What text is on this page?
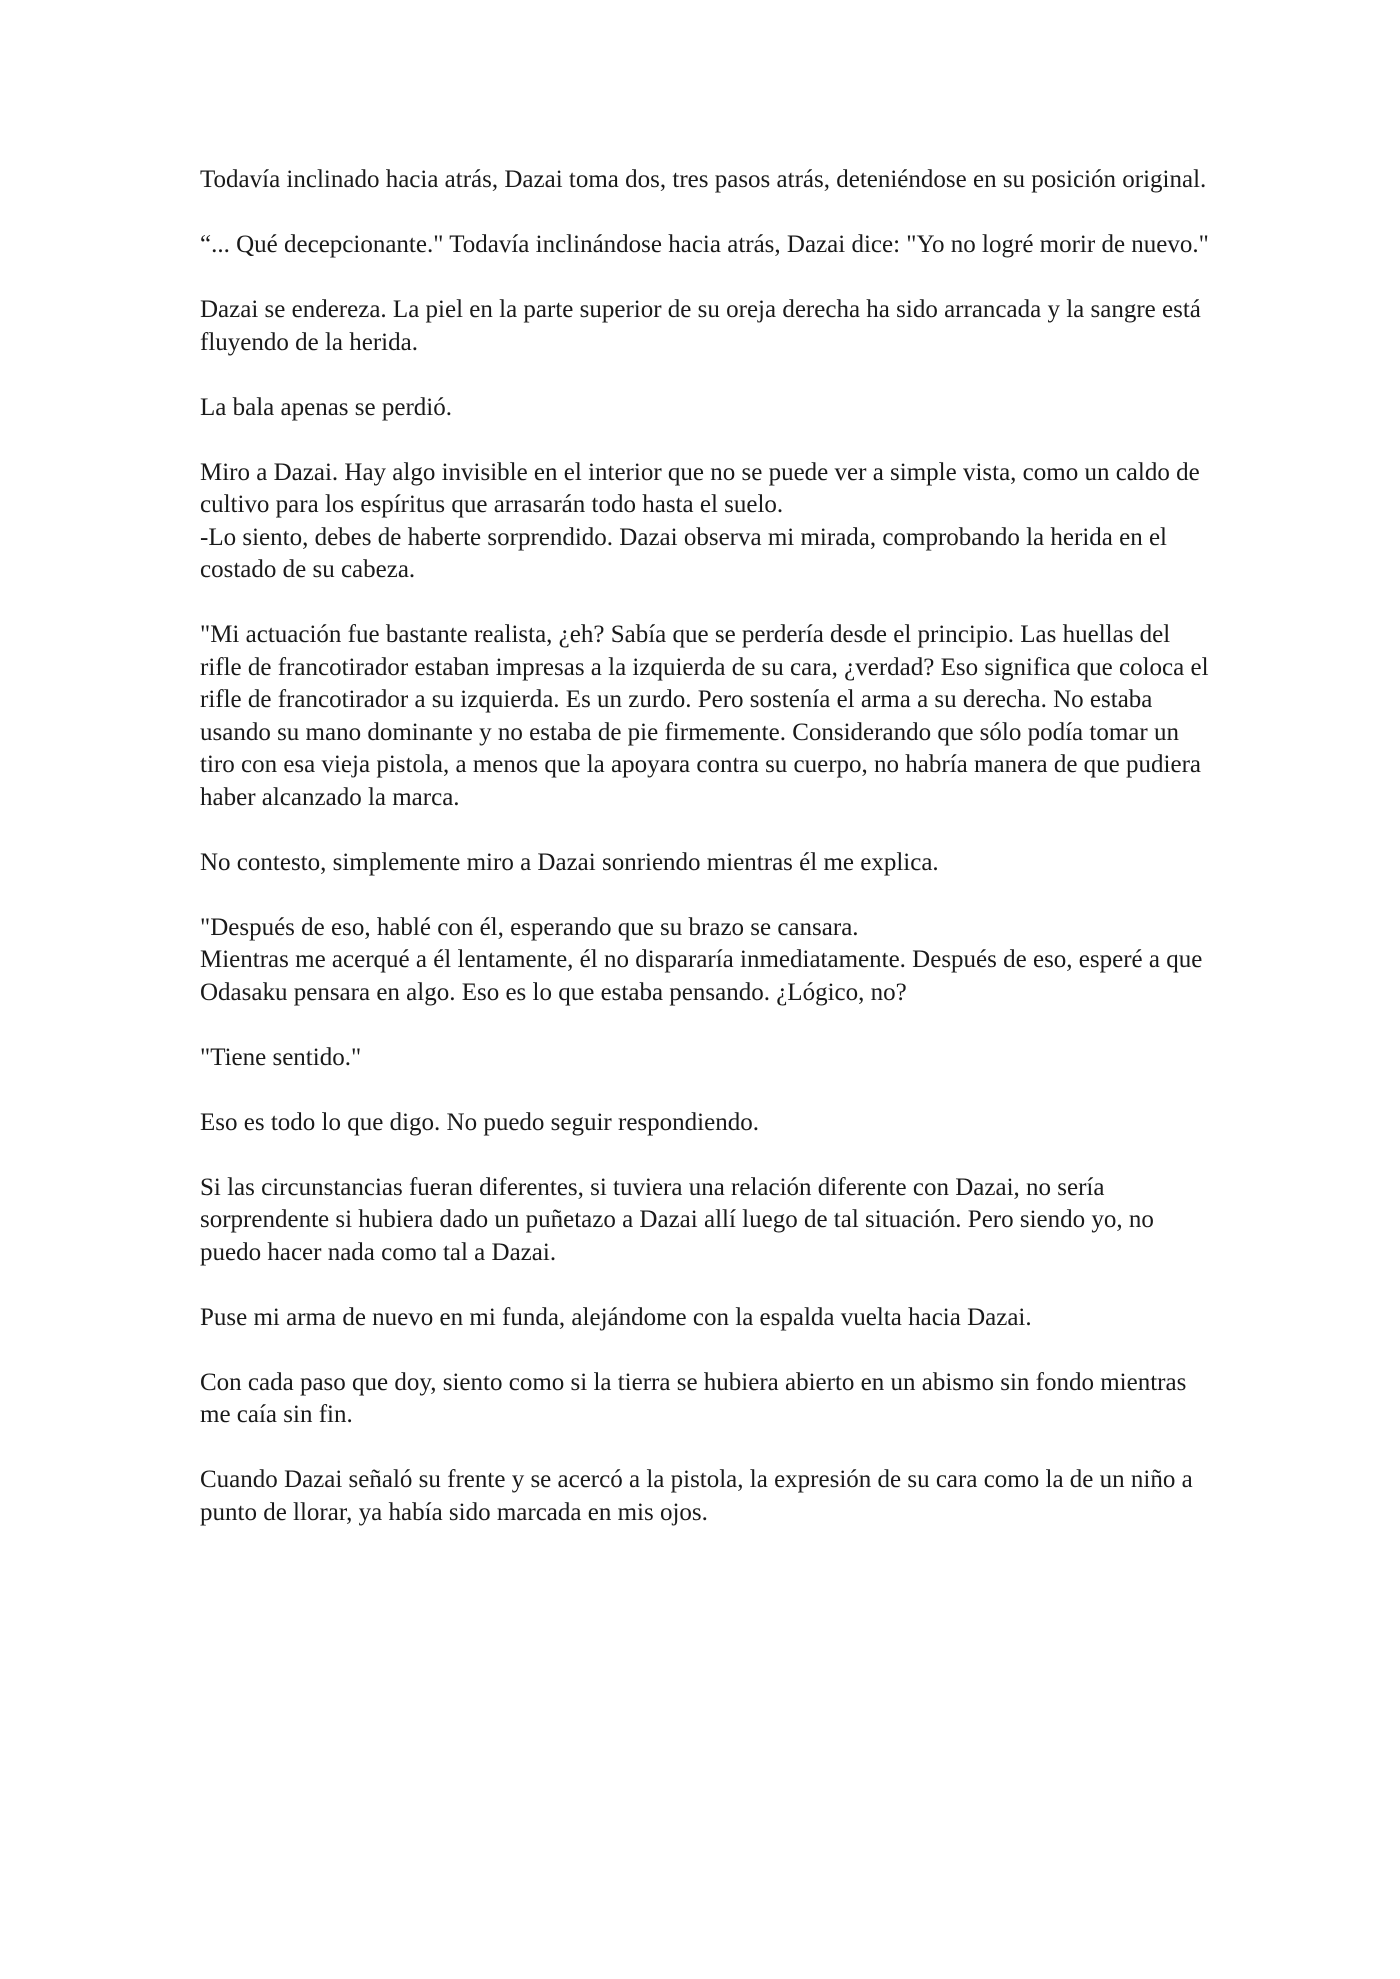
Todavía inclinado hacia atrás, Dazai toma dos, tres pasos atrás, deteniéndose en su posición original.

“... Qué decepcionante." Todavía inclinándose hacia atrás, Dazai dice: "Yo no logré morir de nuevo."

Dazai se endereza. La piel en la parte superior de su oreja derecha ha sido arrancada y la sangre está fluyendo de la herida.

La bala apenas se perdió.

Miro a Dazai. Hay algo invisible en el interior que no se puede ver a simple vista, como un caldo de cultivo para los espíritus que arrasarán todo hasta el suelo.

-Lo siento, debes de haberte sorprendido. Dazai observa mi mirada, comprobando la herida en el costado de su cabeza.

"Mi actuación fue bastante realista, ¿eh? Sabía que se perdería desde el principio. Las huellas del rifle de francotirador estaban impresas a la izquierda de su cara, ¿verdad? Eso significa que coloca el rifle de francotirador a su izquierda. Es un zurdo. Pero sostenía el arma a su derecha. No estaba usando su mano dominante y no estaba de pie firmemente. Considerando que sólo podía tomar un tiro con esa vieja pistola, a menos que la apoyara contra su cuerpo, no habría manera de que pudiera haber alcanzado la marca.

No contesto, simplemente miro a Dazai sonriendo mientras él me explica.

"Después de eso, hablé con él, esperando que su brazo se cansara.

Mientras me acerqué a él lentamente, él no dispararía inmediatamente. Después de eso, esperé a que Odasaku pensara en algo. Eso es lo que estaba pensando. ¿Lógico, no?

"Tiene sentido."

Eso es todo lo que digo. No puedo seguir respondiendo.

Si las circunstancias fueran diferentes, si tuviera una relación diferente con Dazai, no sería sorprendente si hubiera dado un puñetazo a Dazai allí luego de tal situación. Pero siendo yo, no puedo hacer nada como tal a Dazai.

Puse mi arma de nuevo en mi funda, alejándome con la espalda vuelta hacia Dazai.

Con cada paso que doy, siento como si la tierra se hubiera abierto en un abismo sin fondo mientras me caía sin fin.

Cuando Dazai señaló su frente y se acercó a la pistola, la expresión de su cara como la de un niño a punto de llorar, ya había sido marcada en mis ojos.
